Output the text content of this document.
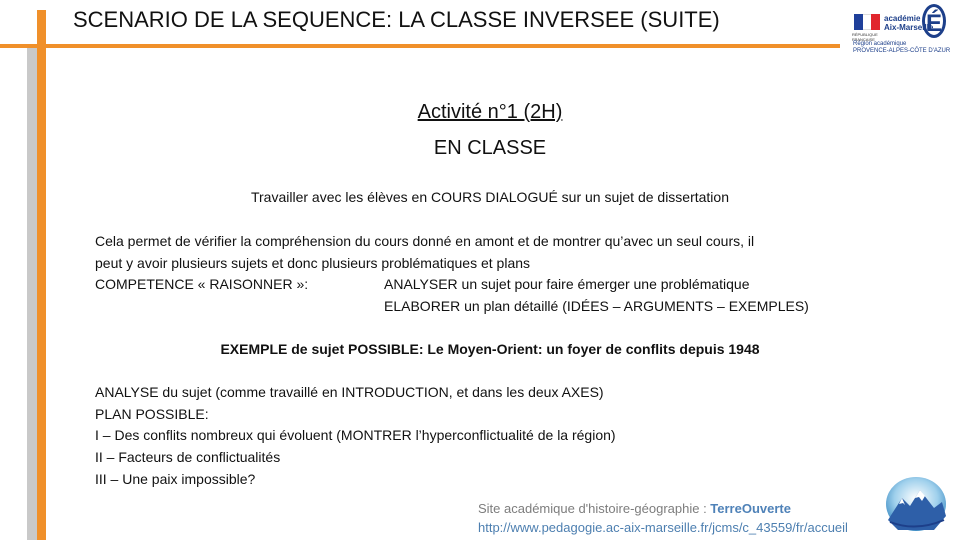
SCENARIO DE LA SEQUENCE: LA CLASSE INVERSEE (SUITE)
RÉPUBLIQUE FRANÇAISE
académie
Aix-Marseille
É
Région académique
PROVENCE-ALPES-CÔTE D'AZUR
Activité n°1 (2H)
EN CLASSE
Travailler avec les élèves en COURS DIALOGUÉ sur un sujet de dissertation
Cela permet de vérifier la compréhension du cours donné en amont et de montrer qu’avec un seul cours, il
peut y avoir plusieurs sujets et donc plusieurs problématiques et plans
COMPETENCE « RAISONNER »:	ANALYSER un sujet pour faire émerger une problématique
ELABORER un plan détaillé (IDÉES – ARGUMENTS – EXEMPLES)
EXEMPLE de sujet POSSIBLE: Le Moyen-Orient: un foyer de conflits depuis 1948
ANALYSE du sujet (comme travaillé en INTRODUCTION, et dans les deux AXES)
PLAN POSSIBLE:
I – Des conflits nombreux qui évoluent (MONTRER l’hyperconflictualité de la région)
II – Facteurs de conflictualités
III – Une paix impossible?
Site académique d'histoire-géographie : TerreOuverte
http://www.pedagogie.ac-aix-marseille.fr/jcms/c_43559/fr/accueil
